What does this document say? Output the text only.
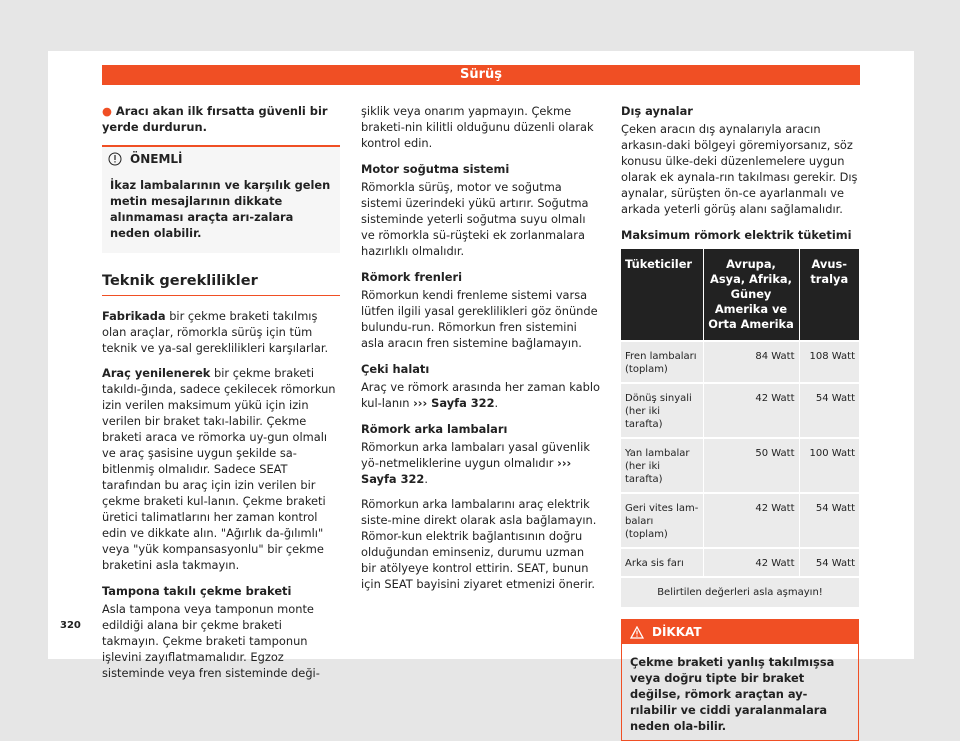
Sürüş

● Aracı akan ilk fırsatta güvenli bir yerde durdurun.

ÖNEMLİ
İkaz lambalarının ve karşılık gelen metin mesajlarının dikkate alınmaması araçta arı-zalara neden olabilir.
Teknik gereklilikler

Fabrikada bir çekme braketi takılmış olan araçlar, römorkla sürüş için tüm teknik ve ya-sal gereklilikleri karşılarlar.

Araç yenilenerek bir çekme braketi takıldı-ğında, sadece çekilecek römorkun izin verilen maksimum yükü için izin verilen bir braket takı-labilir. Çekme braketi araca ve römorka uy-gun olmalı ve araç şasisine uygun şekilde sa-bitlenmiş olmalıdır. Sadece SEAT tarafından bu araç için izin verilen bir çekme braketi kul-lanın. Çekme braketi üretici talimatlarını her zaman kontrol edin ve dikkate alın. "Ağırlık da-ğılımlı" veya "yük kompansasyonlu" bir çekme braketini asla takmayın.

Tampona takılı çekme braketi

Asla tampona veya tamponun monte edildiği alana bir çekme braketi takmayın. Çekme braketi tamponun işlevini zayıflatmamalıdır. Egzoz sisteminde veya fren sisteminde deği-

şiklik veya onarım yapmayın. Çekme braketi-nin kilitli olduğunu düzenli olarak kontrol edin.

Motor soğutma sistemi

Römorkla sürüş, motor ve soğutma sistemi üzerindeki yükü artırır. Soğutma sisteminde yeterli soğutma suyu olmalı ve römorkla sü-rüşteki ek zorlanmalara hazırlıklı olmalıdır.

Römork frenleri

Römorkun kendi frenleme sistemi varsa lütfen ilgili yasal gereklilikleri göz önünde bulundu-run. Römorkun fren sistemini asla aracın fren sistemine bağlamayın.

Çeki halatı

Araç ve römork arasında her zaman kablo kul-lanın ››› Sayfa 322.

Römork arka lambaları

Römorkun arka lambaları yasal güvenlik yö-netmeliklerine uygun olmalıdır ››› Sayfa 322.

Römorkun arka lambalarını araç elektrik siste-mine direkt olarak asla bağlamayın. Römor-kun elektrik bağlantısının doğru olduğundan eminseniz, durumu uzman bir atölyeye kontrol ettirin. SEAT, bunun için SEAT bayisini ziyaret etmenizi önerir.

Dış aynalar

Çeken aracın dış aynalarıyla aracın arkasın-daki bölgeyi göremiyorsanız, söz konusu ülke-deki düzenlemelere uygun olarak ek aynala-rın takılması gerekir. Dış aynalar, sürüşten ön-ce ayarlanmalı ve arkada yeterli görüş alanı sağlamalıdır.

Maksimum römork elektrik tüketimi
Tüketiciler	Avrupa, Asya, Afrika, Güney Amerika ve Orta Amerika	Avus-tralya
Fren lambaları (toplam)	84 Watt	108 Watt
Dönüş sinyali (her iki tarafta)	42 Watt	54 Watt
Yan lambalar (her iki tarafta)	50 Watt	100 Watt
Geri vites lam-baları (toplam)	42 Watt	54 Watt
Arka sis farı	42 Watt	54 Watt
Belirtilen değerleri asla aşmayın!		
DİKKAT
Çekme braketi yanlış takılmışsa veya doğru tipte bir braket değilse, römork araçtan ay-rılabilir ve ciddi yaralanmalara neden ola-bilir.
320
